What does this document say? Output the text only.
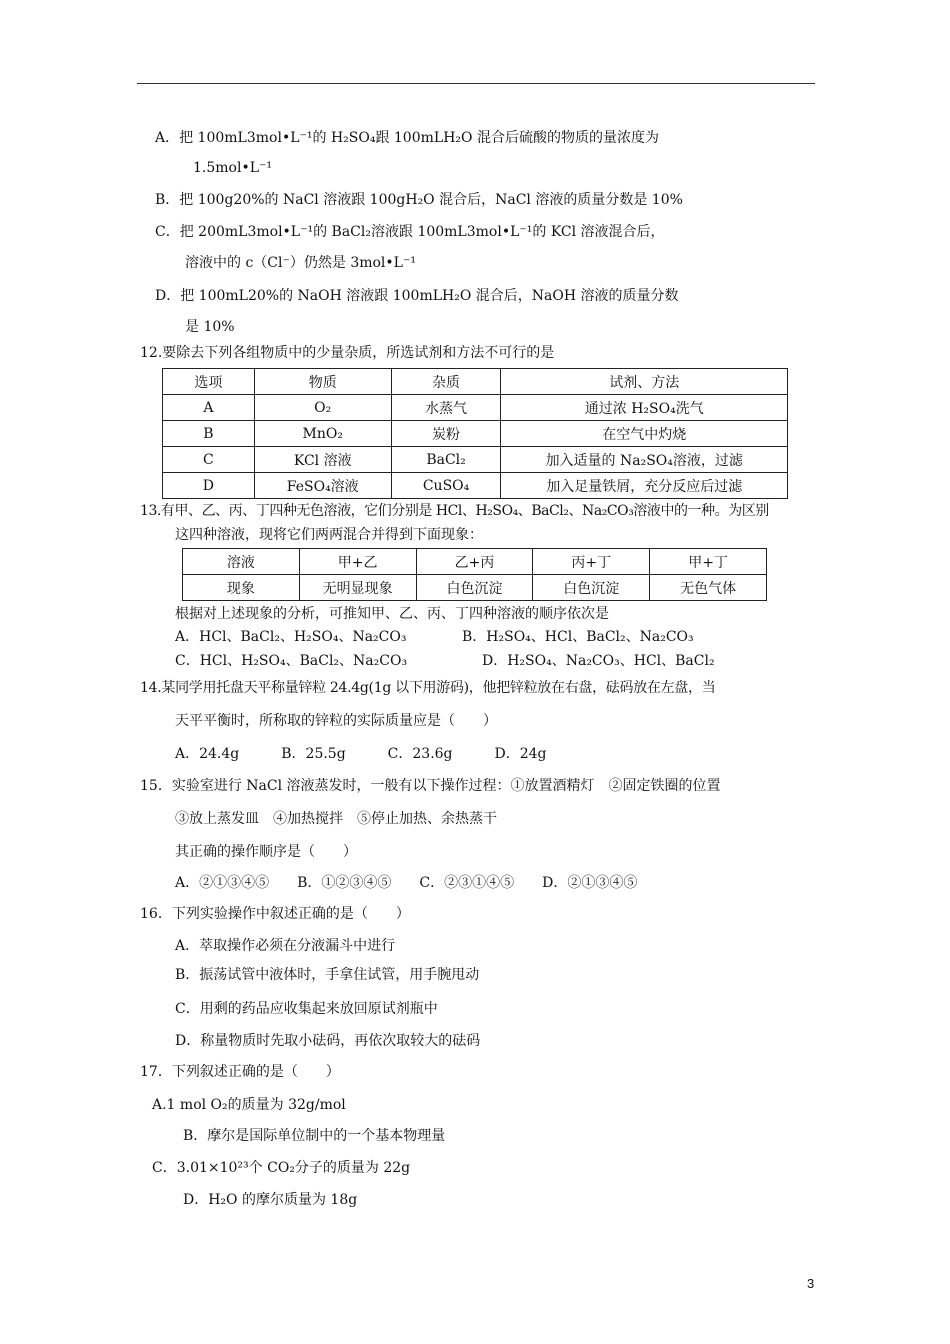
A．把 100mL3mol•L⁻¹的 H₂SO₄跟 100mLH₂O 混合后硫酸的物质的量浓度为
1.5mol•L⁻¹
B．把 100g20%的 NaCl 溶液跟 100gH₂O 混合后，NaCl 溶液的质量分数是 10%
C．把 200mL3mol•L⁻¹的 BaCl₂溶液跟 100mL3mol•L⁻¹的 KCl 溶液混合后，
溶液中的 c（Cl⁻）仍然是 3mol•L⁻¹
D．把 100mL20%的 NaOH 溶液跟 100mLH₂O 混合后，NaOH 溶液的质量分数
是 10%
12.要除去下列各组物质中的少量杂质，所选试剂和方法不可行的是
选项	物质	杂质	试剂、方法
A	O₂	水蒸气	通过浓 H₂SO₄洗气
B	MnO₂	炭粉	在空气中灼烧
C	KCl 溶液	BaCl₂	加入适量的 Na₂SO₄溶液，过滤
D	FeSO₄溶液	CuSO₄	加入足量铁屑，充分反应后过滤
13.有甲、乙、丙、丁四种无色溶液，它们分别是 HCl、H₂SO₄、BaCl₂、Na₂CO₃溶液中的一种。为区别
这四种溶液，现将它们两两混合并得到下面现象：
溶液	甲+乙	乙+丙	丙+丁	甲+丁
现象	无明显现象	白色沉淀	白色沉淀	无色气体
根据对上述现象的分析，可推知甲、乙、丙、丁四种溶液的顺序依次是
A．HCl、BaCl₂、H₂SO₄、Na₂CO₃	B．H₂SO₄、HCl、BaCl₂、Na₂CO₃
C．HCl、H₂SO₄、BaCl₂、Na₂CO₃	D．H₂SO₄、Na₂CO₃、HCl、BaCl₂
14.某同学用托盘天平称量锌粒 24.4g(1g 以下用游码)，他把锌粒放在右盘，砝码放在左盘，当
天平平衡时，所称取的锌粒的实际质量应是（　　）
A．24.4g　　　B．25.5g　　　C．23.6g　　　D．24g
15．实验室进行 NaCl 溶液蒸发时，一般有以下操作过程：①放置酒精灯　②固定铁圈的位置
③放上蒸发皿　④加热搅拌　⑤停止加热、余热蒸干
其正确的操作顺序是（　　）
A．②①③④⑤　　B．①②③④⑤　　C．②③①④⑤　　D．②①③④⑤
16．下列实验操作中叙述正确的是（　　）
A．萃取操作必须在分液漏斗中进行
B．振荡试管中液体时，手拿住试管，用手腕甩动
C．用剩的药品应收集起来放回原试剂瓶中
D．称量物质时先取小砝码，再依次取较大的砝码
17．下列叙述正确的是（　　）
A.1 mol O₂的质量为 32g/mol
B．摩尔是国际单位制中的一个基本物理量
C．3.01×10²³个 CO₂分子的质量为 22g
D．H₂O 的摩尔质量为 18g
3
